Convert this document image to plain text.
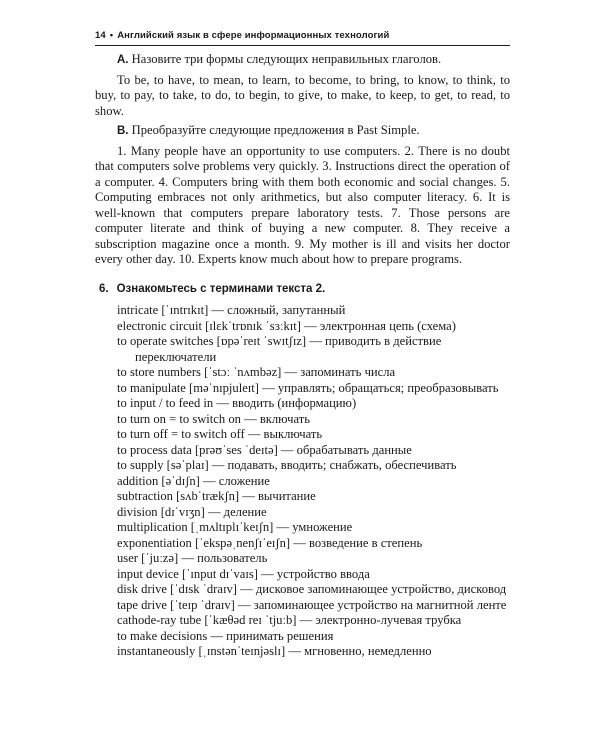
14 • Английский язык в сфере информационных технологий

A. Назовите три формы следующих неправильных глаголов.

To be, to have, to mean, to learn, to become, to bring, to know, to think, to buy, to pay, to take, to do, to begin, to give, to make, to keep, to get, to read, to show.

B. Преобразуйте следующие предложения в Past Simple.

1. Many people have an opportunity to use computers. 2. There is no doubt that computers solve problems very quickly. 3. Instructions direct the operation of a computer. 4. Computers bring with them both economic and social changes. 5. Computing embraces not only arithmetics, but also computer literacy. 6. It is well-known that computers prepare laboratory tests. 7. Those persons are computer literate and think of buying a new computer. 8. They receive a subscription magazine once a month. 9. My mother is ill and visits her doctor every other day. 10. Experts know much about how to prepare programs.

6. Ознакомьтесь с терминами текста 2.
intricate [ˈɪntrɪkɪt] — сложный, запутанный
electronic circuit [ɪlɛkˈtrɒnɪk ˈsɜːkɪt] — электронная цепь (схема)
to operate switches [ɒpəˈreɪt ˈswɪtʃɪz] — приводить в действие переключатели
to store numbers [ˈstɔː ˈnʌmbəz] — запоминать числа
to manipulate [məˈnɪpjuleɪt] — управлять; обращаться; преобразовывать
to input / to feed in — вводить (информацию)
to turn on = to switch on — включать
to turn off = to switch off — выключать
to process data [prəʊˈses ˈdeɪtə] — обрабатывать данные
to supply [səˈplaɪ] — подавать, вводить; снабжать, обеспечивать
addition [əˈdɪʃn] — сложение
subtraction [sʌbˈtrækʃn] — вычитание
division [dɪˈvɪʒn] — деление
multiplication [ˌmʌltɪplɪˈkeɪʃn] — умножение
exponentiation [ˈekspəˌnenʃɪˈeɪʃn] — возведение в степень
user [ˈjuːzə] — пользователь
input device [ˈɪnput dɪˈvaɪs] — устройство ввода
disk drive [ˈdɪsk ˈdraɪv] — дисковое запоминающее устройство, дисковод
tape drive [ˈteɪp ˈdraɪv] — запоминающее устройство на магнитной ленте
cathode-ray tube [ˈkæθəd reɪ ˈtjuːb] — электронно-лучевая трубка
to make decisions — принимать решения
instantaneously [ˌɪnstənˈteɪnjəslɪ] — мгновенно, немедленно
